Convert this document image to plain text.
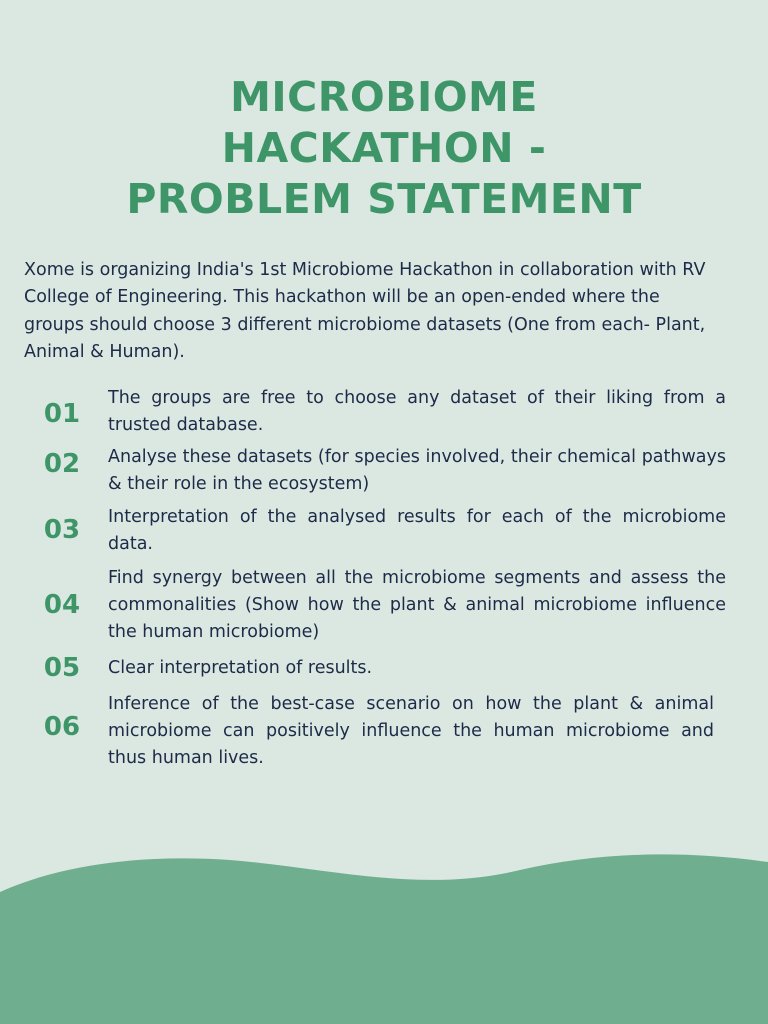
MICROBIOME
HACKATHON -
PROBLEM STATEMENT

Xome is organizing India's 1st Microbiome Hackathon in collaboration with RV College of Engineering. This hackathon will be an open-ended where the groups should choose 3 different microbiome datasets (One from each- Plant, Animal & Human).

01

The groups are free to choose any dataset of their liking from a trusted database.

02	Analyse these datasets (for species involved, their chemical pathways & their role in the ecosystem)

03	Interpretation of the analysed results for each of the microbiome data.

04

Find synergy between all the microbiome segments and assess the commonalities (Show how the plant & animal microbiome influence the human microbiome)

05	Clear interpretation of results.

06

Inference of the best-case scenario on how the plant & animal microbiome can positively influence the human microbiome and thus human lives.
